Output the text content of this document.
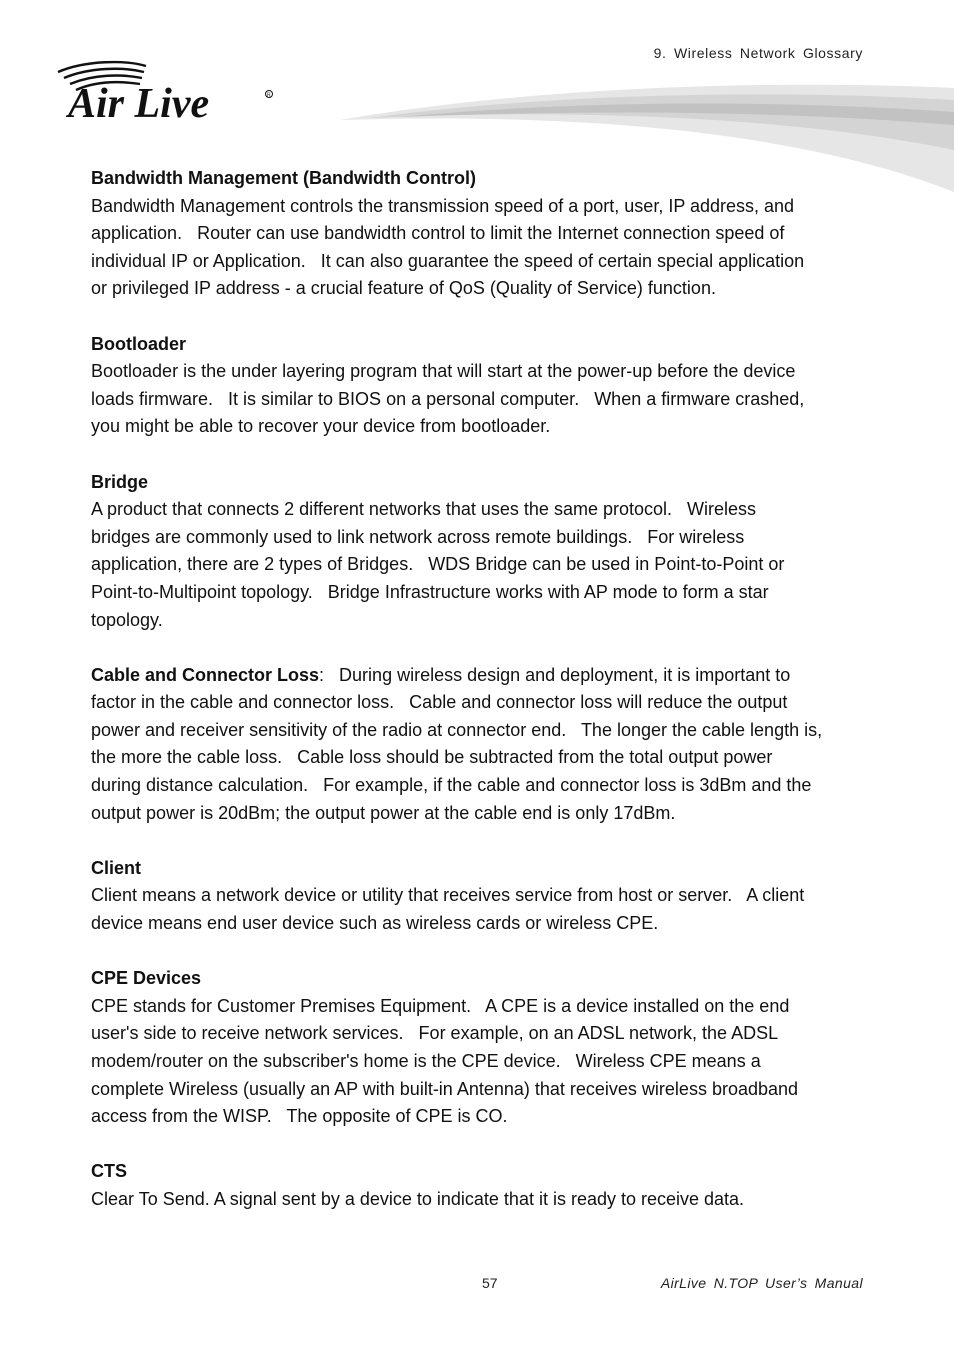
9. Wireless Network Glossary
Air Live	R
Bandwidth Management (Bandwidth Control)
Bandwidth Management controls the transmission speed of a port, user, IP address, and
application.   Router can use bandwidth control to limit the Internet connection speed of
individual IP or Application.   It can also guarantee the speed of certain special application
or privileged IP address - a crucial feature of QoS (Quality of Service) function.
Bootloader
Bootloader is the under layering program that will start at the power-up before the device
loads firmware.   It is similar to BIOS on a personal computer.   When a firmware crashed,
you might be able to recover your device from bootloader.
Bridge
A product that connects 2 different networks that uses the same protocol.   Wireless
bridges are commonly used to link network across remote buildings.   For wireless
application, there are 2 types of Bridges.   WDS Bridge can be used in Point-to-Point or
Point-to-Multipoint topology.   Bridge Infrastructure works with AP mode to form a star
topology.
Cable and Connector Loss:   During wireless design and deployment, it is important to
factor in the cable and connector loss.   Cable and connector loss will reduce the output
power and receiver sensitivity of the radio at connector end.   The longer the cable length is,
the more the cable loss.   Cable loss should be subtracted from the total output power
during distance calculation.   For example, if the cable and connector loss is 3dBm and the
output power is 20dBm; the output power at the cable end is only 17dBm.
Client
Client means a network device or utility that receives service from host or server.   A client
device means end user device such as wireless cards or wireless CPE.
CPE Devices
CPE stands for Customer Premises Equipment.   A CPE is a device installed on the end
user's side to receive network services.   For example, on an ADSL network, the ADSL
modem/router on the subscriber's home is the CPE device.   Wireless CPE means a
complete Wireless (usually an AP with built-in Antenna) that receives wireless broadband
access from the WISP.   The opposite of CPE is CO.
CTS
Clear To Send. A signal sent by a device to indicate that it is ready to receive data.
57	AirLive N.TOP User’s Manual
